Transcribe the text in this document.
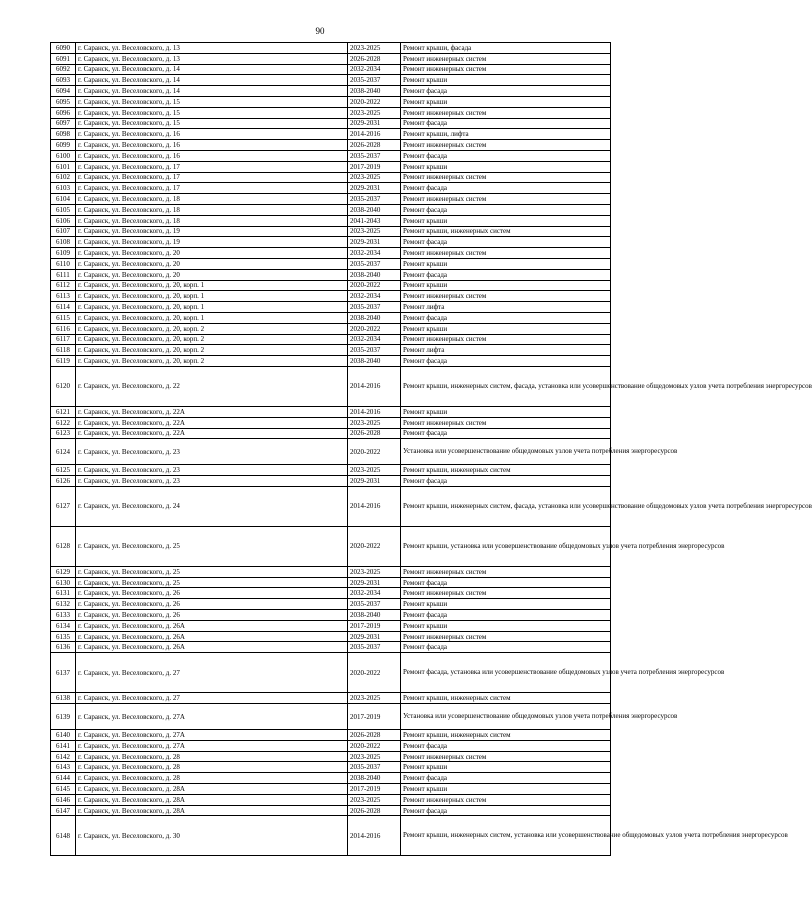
90
6090	г. Саранск, ул. Веселовского, д. 13	2023-2025	Ремонт крыши, фасада
6091	г. Саранск, ул. Веселовского, д. 13	2026-2028	Ремонт инженерных систем
6092	г. Саранск, ул. Веселовского, д. 14	2032-2034	Ремонт инженерных систем
6093	г. Саранск, ул. Веселовского, д. 14	2035-2037	Ремонт крыши
6094	г. Саранск, ул. Веселовского, д. 14	2038-2040	Ремонт фасада
6095	г. Саранск, ул. Веселовского, д. 15	2020-2022	Ремонт крыши
6096	г. Саранск, ул. Веселовского, д. 15	2023-2025	Ремонт инженерных систем
6097	г. Саранск, ул. Веселовского, д. 15	2029-2031	Ремонт фасада
6098	г. Саранск, ул. Веселовского, д. 16	2014-2016	Ремонт крыши, лифта
6099	г. Саранск, ул. Веселовского, д. 16	2026-2028	Ремонт инженерных систем
6100	г. Саранск, ул. Веселовского, д. 16	2035-2037	Ремонт фасада
6101	г. Саранск, ул. Веселовского, д. 17	2017-2019	Ремонт крыши
6102	г. Саранск, ул. Веселовского, д. 17	2023-2025	Ремонт инженерных систем
6103	г. Саранск, ул. Веселовского, д. 17	2029-2031	Ремонт фасада
6104	г. Саранск, ул. Веселовского, д. 18	2035-2037	Ремонт инженерных систем
6105	г. Саранск, ул. Веселовского, д. 18	2038-2040	Ремонт фасада
6106	г. Саранск, ул. Веселовского, д. 18	2041-2043	Ремонт крыши
6107	г. Саранск, ул. Веселовского, д. 19	2023-2025	Ремонт крыши, инженерных систем
6108	г. Саранск, ул. Веселовского, д. 19	2029-2031	Ремонт фасада
6109	г. Саранск, ул. Веселовского, д. 20	2032-2034	Ремонт инженерных систем
6110	г. Саранск, ул. Веселовского, д. 20	2035-2037	Ремонт крыши
6111	г. Саранск, ул. Веселовского, д. 20	2038-2040	Ремонт фасада
6112	г. Саранск, ул. Веселовского, д. 20, корп. 1	2020-2022	Ремонт крыши
6113	г. Саранск, ул. Веселовского, д. 20, корп. 1	2032-2034	Ремонт инженерных систем
6114	г. Саранск, ул. Веселовского, д. 20, корп. 1	2035-2037	Ремонт лифта
6115	г. Саранск, ул. Веселовского, д. 20, корп. 1	2038-2040	Ремонт фасада
6116	г. Саранск, ул. Веселовского, д. 20, корп. 2	2020-2022	Ремонт крыши
6117	г. Саранск, ул. Веселовского, д. 20, корп. 2	2032-2034	Ремонт инженерных систем
6118	г. Саранск, ул. Веселовского, д. 20, корп. 2	2035-2037	Ремонт лифта
6119	г. Саранск, ул. Веселовского, д. 20, корп. 2	2038-2040	Ремонт фасада
6120	г. Саранск, ул. Веселовского, д. 22	2014-2016	Ремонт крыши, инженерных систем, фасада, установка или усовершенствование общедомовых узлов учета потребления энергоресурсов
6121	г. Саранск, ул. Веселовского, д. 22А	2014-2016	Ремонт крыши
6122	г. Саранск, ул. Веселовского, д. 22А	2023-2025	Ремонт инженерных систем
6123	г. Саранск, ул. Веселовского, д. 22А	2026-2028	Ремонт фасада
6124	г. Саранск, ул. Веселовского, д. 23	2020-2022	Установка или усовершенствование общедомовых узлов учета потребления энергоресурсов
6125	г. Саранск, ул. Веселовского, д. 23	2023-2025	Ремонт крыши, инженерных систем
6126	г. Саранск, ул. Веселовского, д. 23	2029-2031	Ремонт фасада
6127	г. Саранск, ул. Веселовского, д. 24	2014-2016	Ремонт крыши, инженерных систем, фасада, установка или усовершенствование общедомовых узлов учета потребления энергоресурсов
6128	г. Саранск, ул. Веселовского, д. 25	2020-2022	Ремонт крыши, установка или усовершенствование общедомовых узлов учета потребления энергоресурсов
6129	г. Саранск, ул. Веселовского, д. 25	2023-2025	Ремонт инженерных систем
6130	г. Саранск, ул. Веселовского, д. 25	2029-2031	Ремонт фасада
6131	г. Саранск, ул. Веселовского, д. 26	2032-2034	Ремонт инженерных систем
6132	г. Саранск, ул. Веселовского, д. 26	2035-2037	Ремонт крыши
6133	г. Саранск, ул. Веселовского, д. 26	2038-2040	Ремонт фасада
6134	г. Саранск, ул. Веселовского, д. 26А	2017-2019	Ремонт крыши
6135	г. Саранск, ул. Веселовского, д. 26А	2029-2031	Ремонт инженерных систем
6136	г. Саранск, ул. Веселовского, д. 26А	2035-2037	Ремонт фасада
6137	г. Саранск, ул. Веселовского, д. 27	2020-2022	Ремонт фасада, установка или усовершенствование общедомовых узлов учета потребления энергоресурсов
6138	г. Саранск, ул. Веселовского, д. 27	2023-2025	Ремонт крыши, инженерных систем
6139	г. Саранск, ул. Веселовского, д. 27А	2017-2019	Установка или усовершенствование общедомовых узлов учета потребления энергоресурсов
6140	г. Саранск, ул. Веселовского, д. 27А	2026-2028	Ремонт крыши, инженерных систем
6141	г. Саранск, ул. Веселовского, д. 27А	2020-2022	Ремонт фасада
6142	г. Саранск, ул. Веселовского, д. 28	2023-2025	Ремонт инженерных систем
6143	г. Саранск, ул. Веселовского, д. 28	2035-2037	Ремонт крыши
6144	г. Саранск, ул. Веселовского, д. 28	2038-2040	Ремонт фасада
6145	г. Саранск, ул. Веселовского, д. 28А	2017-2019	Ремонт крыши
6146	г. Саранск, ул. Веселовского, д. 28А	2023-2025	Ремонт инженерных систем
6147	г. Саранск, ул. Веселовского, д. 28А	2026-2028	Ремонт фасада
6148	г. Саранск, ул. Веселовского, д. 30	2014-2016	Ремонт крыши, инженерных систем, установка или усовершенствование общедомовых узлов учета потребления энергоресурсов
